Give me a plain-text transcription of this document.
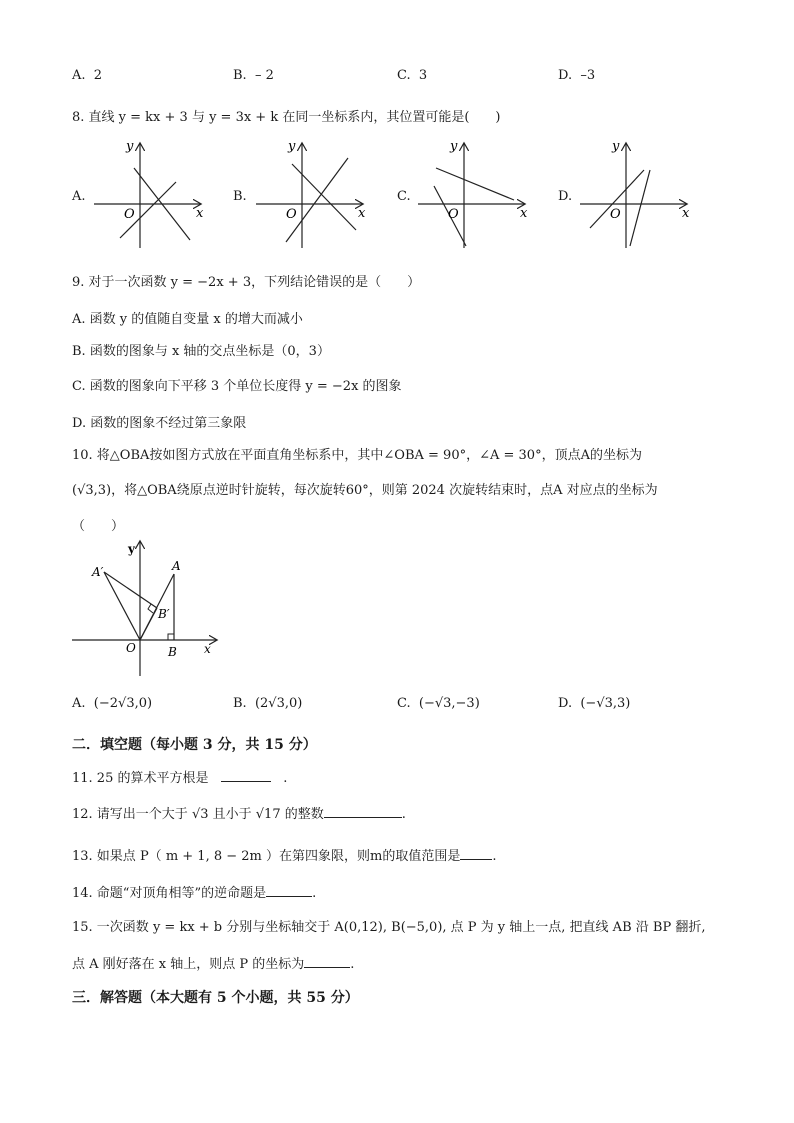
A. 2	B. – 2	C. 3	D. –3
8. 直线 y = kx + 3 与 y = 3x + k 在同一坐标系内，其位置可能是(　　)
A.
y
x
O
B.
y
x
O
C.
y
x
O
D.
y
x
O
9. 对于一次函数 y = −2x + 3，下列结论错误的是（　　）
A. 函数 y 的值随自变量 x 的增大而减小
B. 函数的图象与 x 轴的交点坐标是（0，3）
C. 函数的图象向下平移 3 个单位长度得 y = −2x 的图象
D. 函数的图象不经过第三象限
10. 将△OBA按如图方式放在平面直角坐标系中，其中∠OBA = 90°，∠A = 30°，顶点A的坐标为
(√3,3)，将△OBA绕原点逆时针旋转，每次旋转60°，则第 2024 次旋转结束时，点A 对应点的坐标为
（　　）
y
x
O
A
B
A′
B′
A. (−2√3,0)	B. (2√3,0)	C. (−√3,−3)	D. (−√3,3)
二．填空题（每小题 3 分，共 15 分）
11. 25 的算术平方根是	.
12. 请写出一个大于 √3 且小于 √17 的整数	.
13. 如果点 P（ m + 1, 8 − 2m ）在第四象限，则m的取值范围是 .
14. 命题“对顶角相等”的逆命题是	.
15. 一次函数 y = kx + b 分别与坐标轴交于 A(0,12), B(−5,0), 点 P 为 y 轴上一点, 把直线 AB 沿 BP 翻折,
点 A 刚好落在 x 轴上，则点 P 的坐标为	.
三．解答题（本大题有 5 个小题，共 55 分）
